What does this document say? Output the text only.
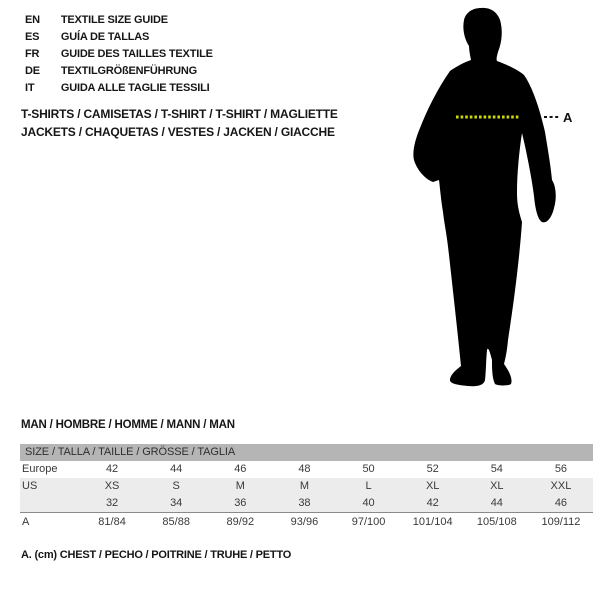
EN TEXTILE SIZE GUIDE
ES GUÍA DE TALLAS
FR GUIDE DES TAILLES TEXTILE
DE TEXTILGRÖßENFÜHRUNG
IT GUIDA ALLE TAGLIE TESSILI
T-SHIRTS / CAMISETAS / T-SHIRT / T-SHIRT / MAGLIETTE
JACKETS / CHAQUETAS / VESTES / JACKEN / GIACCHE
A
MAN / HOMBRE / HOMME / MANN / MAN
SIZE / TALLA / TAILLE / GRÖSSE / TAGLIA
Europe	42	44	46	48	50	52	54	56
US	XS	S	M	M	L	XL	XL	XXL
	32	34	36	38	40	42	44	46
A	81/84	85/88	89/92	93/96	97/100	101/104	105/108	109/112
A. (cm) CHEST / PECHO / POITRINE / TRUHE / PETTO
